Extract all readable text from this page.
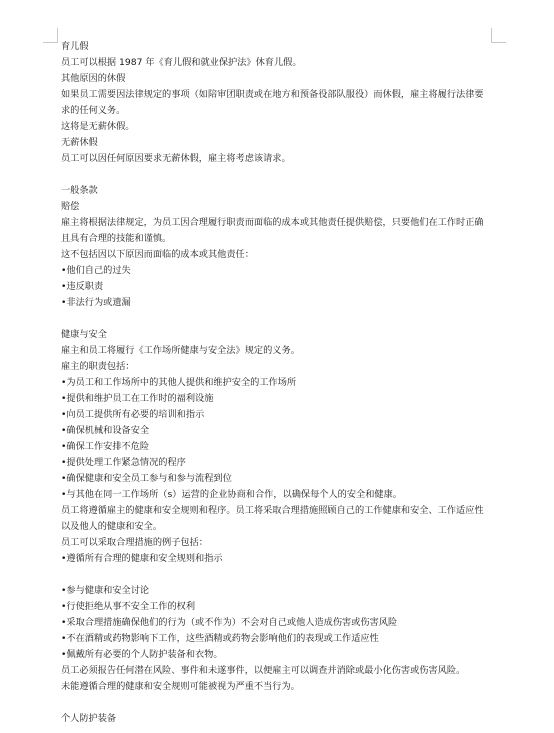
育儿假
员工可以根据 1987 年《育儿假和就业保护法》休育儿假。
其他原因的休假
如果员工需要因法律规定的事项（如陪审团职责或在地方和预备役部队服役）而休假，雇主将履行法律要求的任何义务。
这将是无薪休假。
无薪休假
员工可以因任何原因要求无薪休假，雇主将考虑该请求。
一般条款
赔偿
雇主将根据法律规定，为员工因合理履行职责而面临的成本或其他责任提供赔偿，只要他们在工作时正确且具有合理的技能和谨慎。
这不包括因以下原因而面临的成本或其他责任：
•他们自己的过失
•违反职责
•非法行为或遗漏
健康与安全
雇主和员工将履行《工作场所健康与安全法》规定的义务。
雇主的职责包括：
•为员工和工作场所中的其他人提供和维护安全的工作场所
•提供和维护员工在工作时的福利设施
•向员工提供所有必要的培训和指示
•确保机械和设备安全
•确保工作安排不危险
•提供处理工作紧急情况的程序
•确保健康和安全员工参与和参与流程到位
•与其他在同一工作场所（s）运营的企业协商和合作，以确保每个人的安全和健康。
员工将遵循雇主的健康和安全规则和程序。员工将采取合理措施照顾自己的工作健康和安全、工作适应性以及他人的健康和安全。
员工可以采取合理措施的例子包括：
•遵循所有合理的健康和安全规则和指示
•参与健康和安全讨论
•行使拒绝从事不安全工作的权利
•采取合理措施确保他们的行为（或不作为）不会对自己或他人造成伤害或伤害风险
•不在酒精或药物影响下工作，这些酒精或药物会影响他们的表现或工作适应性
•佩戴所有必要的个人防护装备和衣物。
员工必须报告任何潜在风险、事件和未遂事件，以便雇主可以调查并消除或最小化伤害或伤害风险。
未能遵循合理的健康和安全规则可能被视为严重不当行为。
个人防护装备
